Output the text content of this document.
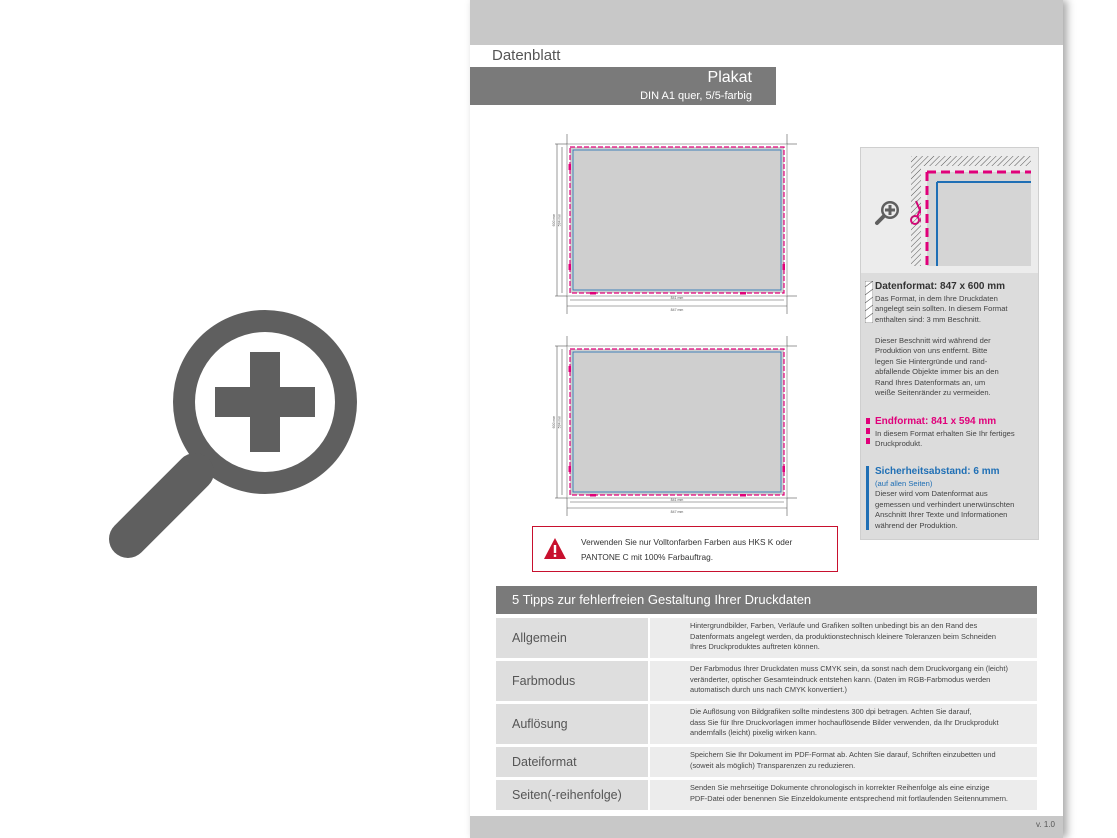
Datenblatt
Plakat
DIN A1 quer, 5/5-farbig
841 mm
847 mm
600 mm 594 mm
841 mm
847 mm
600 mm 594 mm
Verwenden Sie nur Volltonfarben Farben aus HKS K oder
PANTONE C mit 100% Farbauftrag.
Datenformat: 847 x 600 mm
Das Format, in dem Ihre Druckdaten
angelegt sein sollten. In diesem Format
enthalten sind: 3 mm Beschnitt.
Dieser Beschnitt wird während der
Produktion von uns entfernt. Bitte
legen Sie Hintergründe und rand-
abfallende Objekte immer bis an den
Rand Ihres Datenformats an, um
weiße Seitenränder zu vermeiden.
Endformat: 841 x 594 mm
In diesem Format erhalten Sie Ihr fertiges
Druckprodukt.
Sicherheitsabstand: 6 mm
(auf allen Seiten)
Dieser wird vom Datenformat aus
gemessen und verhindert unerwünschten
Anschnitt Ihrer Texte und Informationen
während der Produktion.
5 Tipps zur fehlerfreien Gestaltung Ihrer Druckdaten
Allgemein
Hintergrundbilder, Farben, Verläufe und Grafiken sollten unbedingt bis an den Rand des
Datenformats angelegt werden, da produktionstechnisch kleinere Toleranzen beim Schneiden
Ihres Druckproduktes auftreten können.
Farbmodus
Der Farbmodus Ihrer Druckdaten muss CMYK sein, da sonst nach dem Druckvorgang ein (leicht)
veränderter, optischer Gesamteindruck entstehen kann. (Daten im RGB-Farbmodus werden
automatisch durch uns nach CMYK konvertiert.)
Auflösung
Die Auflösung von Bildgrafiken sollte mindestens 300 dpi betragen. Achten Sie darauf,
dass Sie für Ihre Druckvorlagen immer hochauflösende Bilder verwenden, da Ihr Druckprodukt
andernfalls (leicht) pixelig wirken kann.
Dateiformat
Speichern Sie Ihr Dokument im PDF-Format ab. Achten Sie darauf, Schriften einzubetten und
(soweit als möglich) Transparenzen zu reduzieren.
Seiten(-reihenfolge)
Senden Sie mehrseitige Dokumente chronologisch in korrekter Reihenfolge als eine einzige
PDF-Datei oder benennen Sie Einzeldokumente entsprechend mit fortlaufenden Seitennummern.
v. 1.0
